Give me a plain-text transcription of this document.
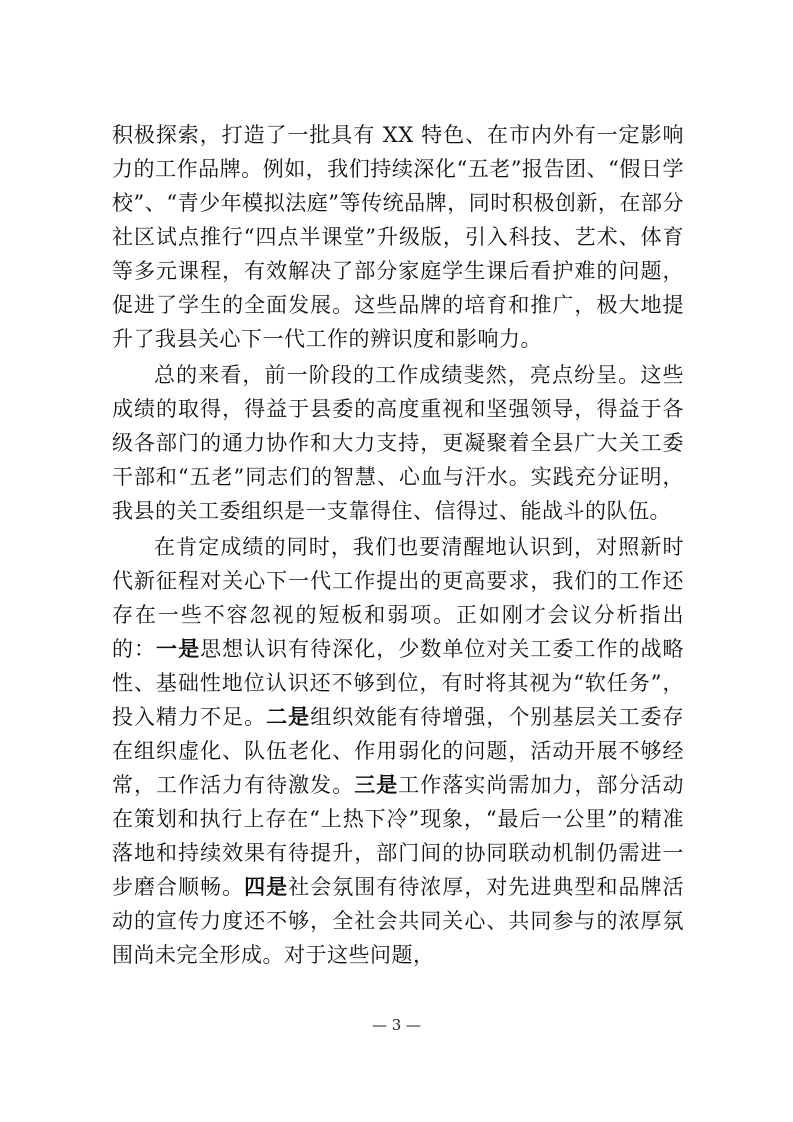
积极探索，打造了一批具有 XX 特色、在市内外有一定影响力的工作品牌。例如，我们持续深化“五老”报告团、“假日学校”、“青少年模拟法庭”等传统品牌，同时积极创新，在部分社区试点推行“四点半课堂”升级版，引入科技、艺术、体育等多元课程，有效解决了部分家庭学生课后看护难的问题，促进了学生的全面发展。这些品牌的培育和推广，极大地提升了我县关心下一代工作的辨识度和影响力。

总的来看，前一阶段的工作成绩斐然，亮点纷呈。这些成绩的取得，得益于县委的高度重视和坚强领导，得益于各级各部门的通力协作和大力支持，更凝聚着全县广大关工委干部和“五老”同志们的智慧、心血与汗水。实践充分证明，我县的关工委组织是一支靠得住、信得过、能战斗的队伍。

在肯定成绩的同时，我们也要清醒地认识到，对照新时代新征程对关心下一代工作提出的更高要求，我们的工作还存在一些不容忽视的短板和弱项。正如刚才会议分析指出的：一是思想认识有待深化，少数单位对关工委工作的战略性、基础性地位认识还不够到位，有时将其视为“软任务”，投入精力不足。二是组织效能有待增强，个别基层关工委存在组织虚化、队伍老化、作用弱化的问题，活动开展不够经常，工作活力有待激发。三是工作落实尚需加力，部分活动在策划和执行上存在“上热下冷”现象，“最后一公里”的精准落地和持续效果有待提升，部门间的协同联动机制仍需进一步磨合顺畅。四是社会氛围有待浓厚，对先进典型和品牌活动的宣传力度还不够，全社会共同关心、共同参与的浓厚氛围尚未完全形成。对于这些问题，

— 3 —
